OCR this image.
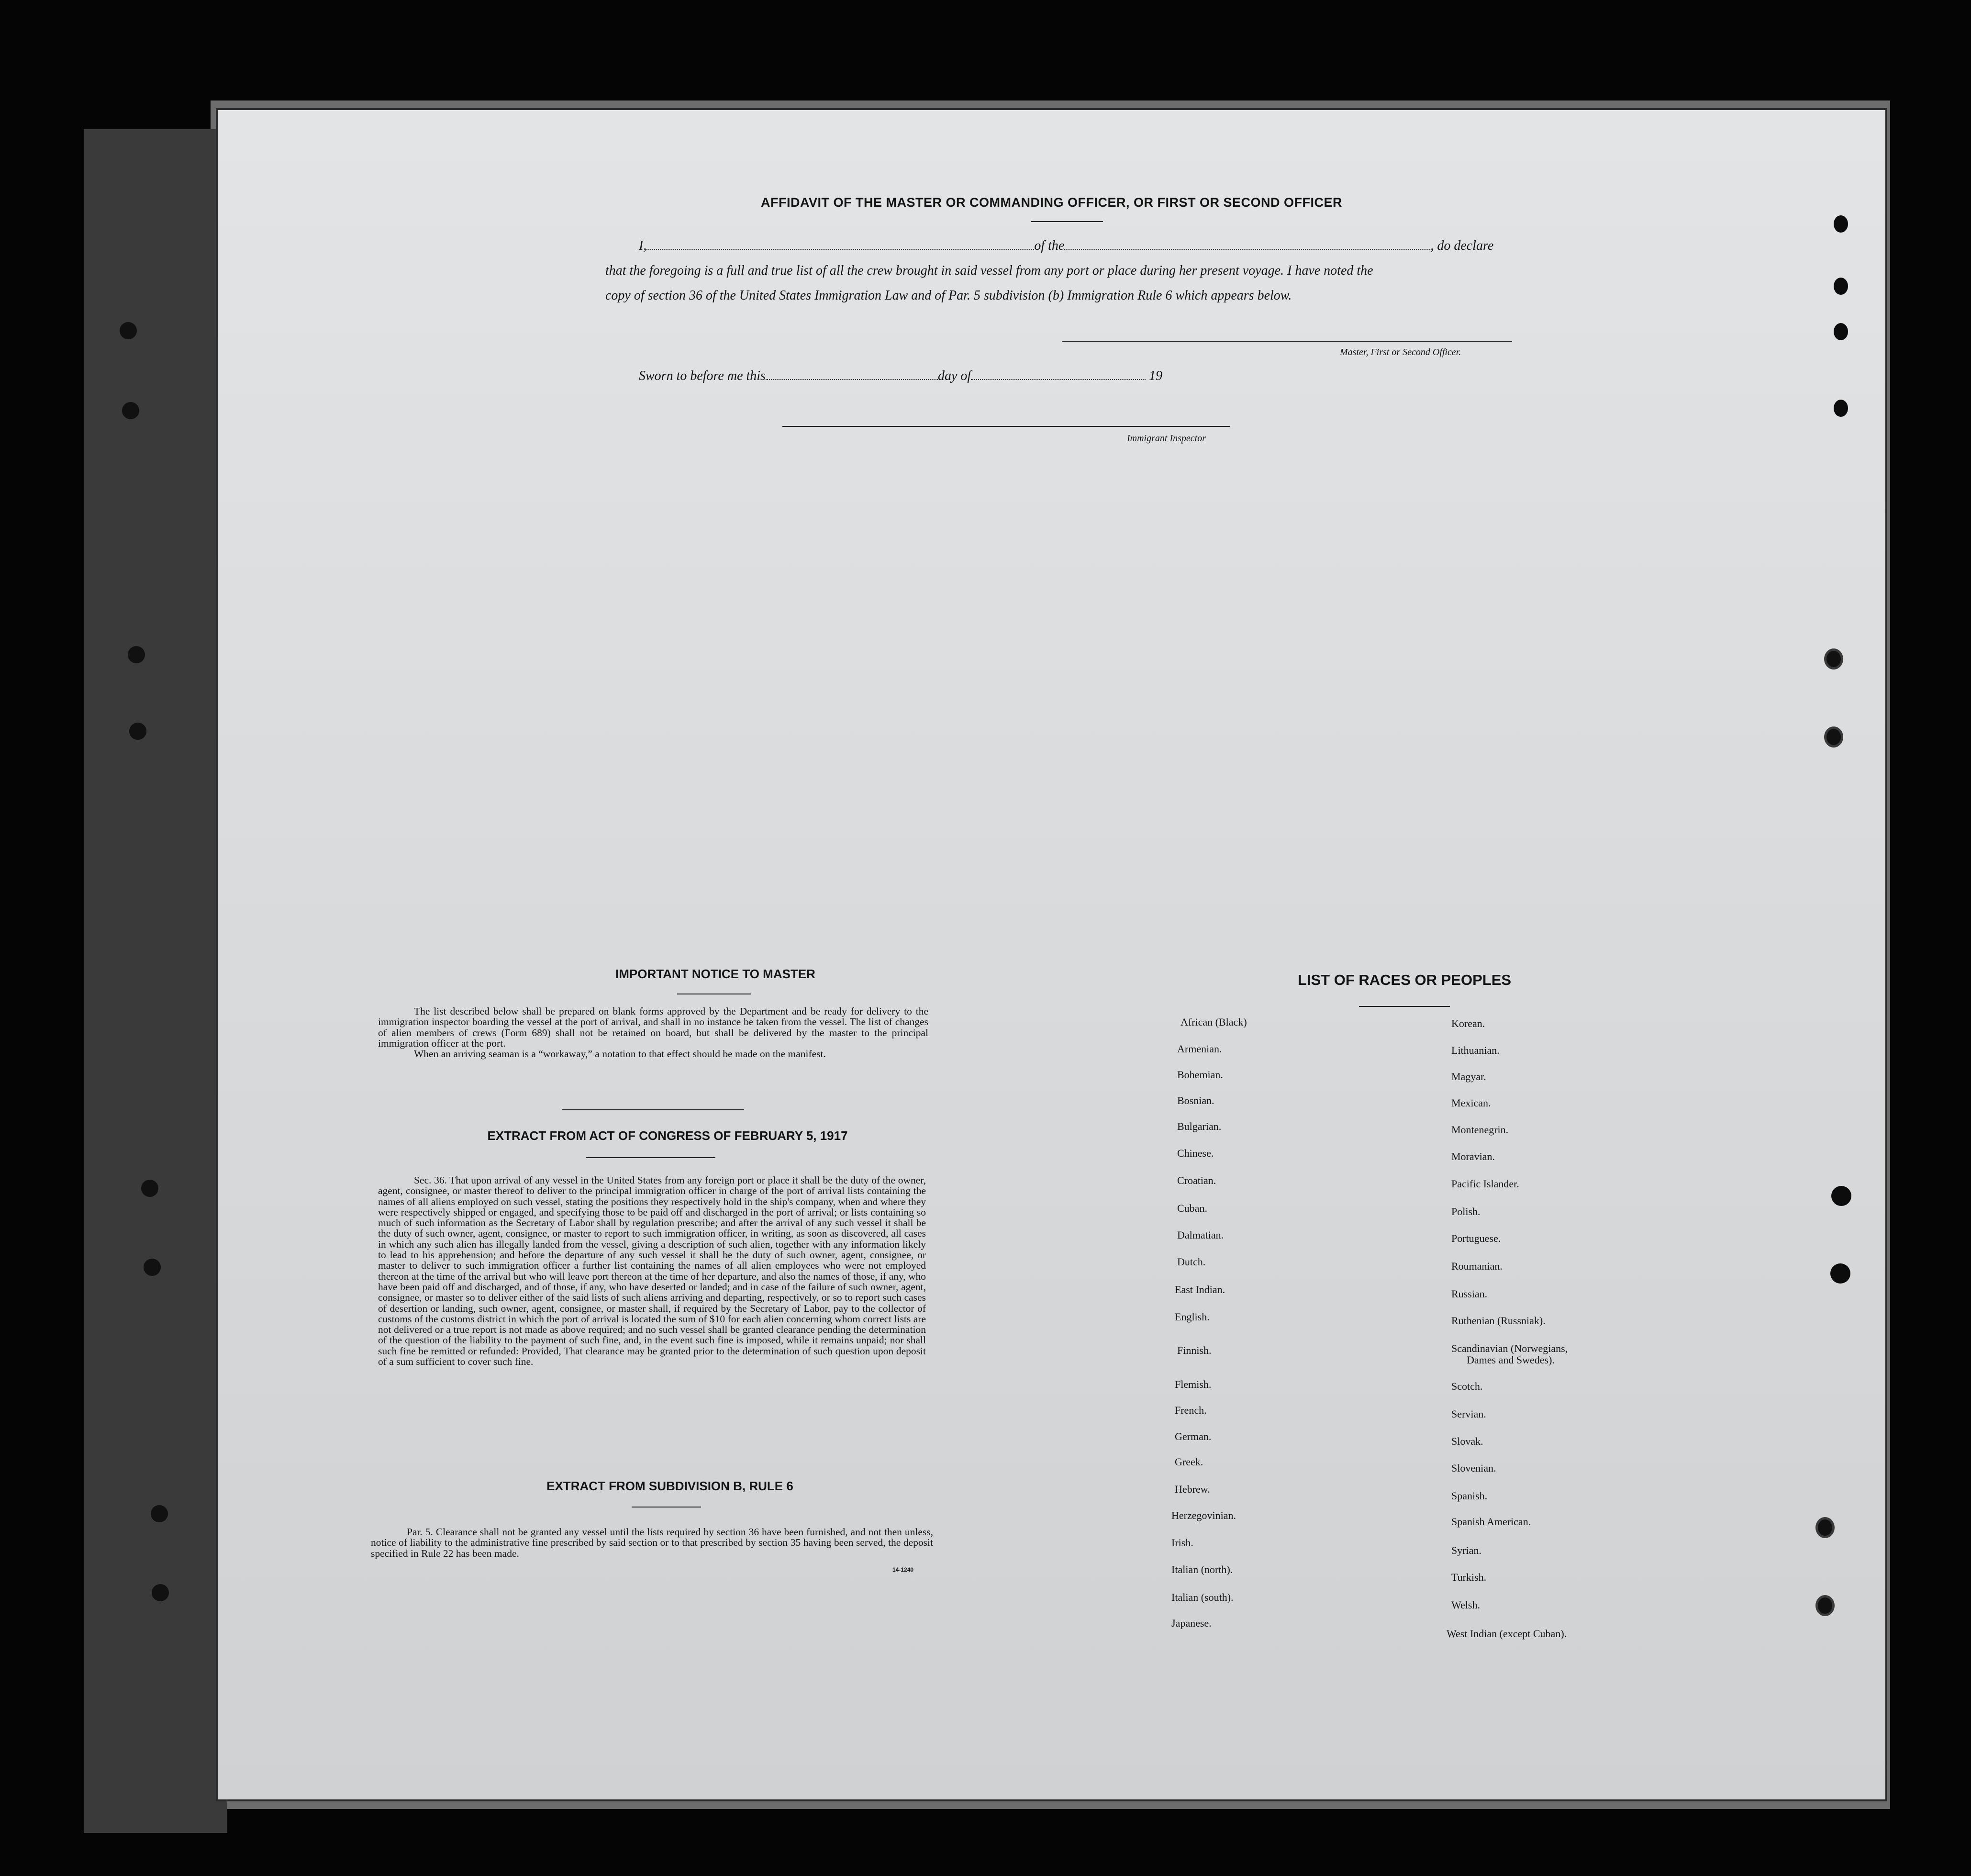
AFFIDAVIT OF THE MASTER OR COMMANDING OFFICER, OR FIRST OR SECOND OFFICER
I,	of the	, do declare
that the foregoing is a full and true list of all the crew brought in said vessel from any port or place during her present voyage. I have noted the
copy of section 36 of the United States Immigration Law and of Par. 5 subdivision (b) Immigration Rule 6 which appears below.
Master, First or Second Officer.
Sworn to before me this	day of	19
Immigrant Inspector
IMPORTANT NOTICE TO MASTER

The list described below shall be prepared on blank forms approved by the Department and be ready for delivery to the immigration inspector boarding the vessel at the port of arrival, and shall in no instance be taken from the vessel. The list of changes of alien members of crews (Form 689) shall not be retained on board, but shall be delivered by the master to the principal immigration officer at the port.

When an arriving seaman is a “workaway,” a notation to that effect should be made on the manifest.

EXTRACT FROM ACT OF CONGRESS OF FEBRUARY 5, 1917
Sec. 36. That upon arrival of any vessel in the United States from any foreign port or place it shall be the duty of the owner, agent, consignee, or master thereof to deliver to the principal immigration officer in charge of the port of arrival lists containing the names of all aliens employed on such vessel, stating the positions they respectively hold in the ship's company, when and where they were respectively shipped or engaged, and specifying those to be paid off and discharged in the port of arrival; or lists containing so much of such information as the Secretary of Labor shall by regulation prescribe; and after the arrival of any such vessel it shall be the duty of such owner, agent, consignee, or master to report to such immigration officer, in writing, as soon as discovered, all cases in which any such alien has illegally landed from the vessel, giving a description of such alien, together with any information likely to lead to his apprehension; and before the departure of any such vessel it shall be the duty of such owner, agent, consignee, or master to deliver to such immigration officer a further list containing the names of all alien employees who were not employed thereon at the time of the arrival but who will leave port thereon at the time of her departure, and also the names of those, if any, who have been paid off and discharged, and of those, if any, who have deserted or landed; and in case of the failure of such owner, agent, consignee, or master so to deliver either of the said lists of such aliens arriving and departing, respectively, or so to report such cases of desertion or landing, such owner, agent, consignee, or master shall, if required by the Secretary of Labor, pay to the collector of customs of the customs district in which the port of arrival is located the sum of $10 for each alien concerning whom correct lists are not delivered or a true report is not made as above required; and no such vessel shall be granted clearance pending the determination of the question of the liability to the payment of such fine, and, in the event such fine is imposed, while it remains unpaid; nor shall such fine be remitted or refunded: Provided, That clearance may be granted prior to the determination of such question upon deposit of a sum sufficient to cover such fine.
EXTRACT FROM SUBDIVISION B, RULE 6
Par. 5. Clearance shall not be granted any vessel until the lists required by section 36 have been furnished, and not then unless, notice of liability to the administrative fine prescribed by said section or to that prescribed by section 35 having been served, the deposit specified in Rule 22 has been made.
14-1240
LIST OF RACES OR PEOPLES
African (Black)
Armenian.
Bohemian.
Bosnian.
Bulgarian.
Chinese.
Croatian.
Cuban.
Dalmatian.
Dutch.
East Indian.
English.
Finnish.
Flemish.
French.
German.
Greek.
Hebrew.
Herzegovinian.
Irish.
Italian (north).
Italian (south).
Japanese.
Korean.
Lithuanian.
Magyar.
Mexican.
Montenegrin.
Moravian.
Pacific Islander.
Polish.
Portuguese.
Roumanian.
Russian.
Ruthenian (Russniak).
Scandinavian (Norwegians,
Dames and Swedes).
Scotch.
Servian.
Slovak.
Slovenian.
Spanish.
Spanish American.
Syrian.
Turkish.
Welsh.
West Indian (except Cuban).
